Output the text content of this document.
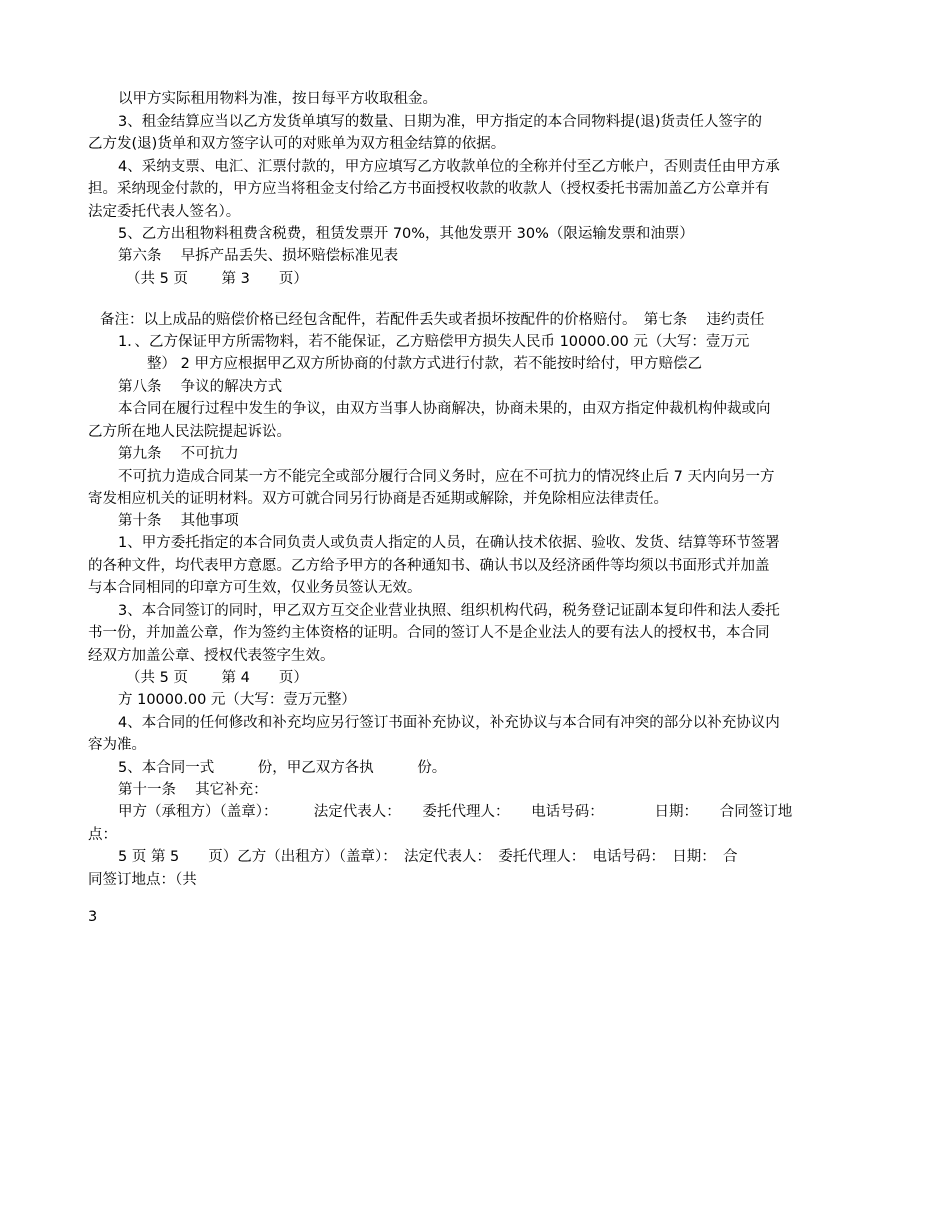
以甲方实际租用物料为准，按日每平方收取租金。
3、租金结算应当以乙方发货单填写的数量、日期为准，甲方指定的本合同物料提(退)货责任人签字的
乙方发(退)货单和双方签字认可的对账单为双方租金结算的依据。
4、采纳支票、电汇、汇票付款的，甲方应填写乙方收款单位的全称并付至乙方帐户，否则责任由甲方承
担。采纳现金付款的，甲方应当将租金支付给乙方书面授权收款的收款人（授权委托书需加盖乙方公章并有
法定委托代表人签名）。
5、乙方出租物料租费含税费，租赁发票开 70%，其他发票开 30%（限运输发票和油票）
第六条　 早拆产品丢失、损坏赔偿标准见表
（共 5 页　　 第 3　　页）
备注：以上成品的赔偿价格已经包含配件，若配件丢失或者损坏按配件的价格赔付。　第七条　 违约责任
1．、乙方保证甲方所需物料，若不能保证，乙方赔偿甲方损失人民币 10000.00 元（大写：壹万元
整） 2 甲方应根据甲乙双方所协商的付款方式进行付款，若不能按时给付，甲方赔偿乙
第八条　 争议的解决方式
本合同在履行过程中发生的争议，由双方当事人协商解决，协商未果的，由双方指定仲裁机构仲裁或向
乙方所在地人民法院提起诉讼。
第九条　 不可抗力
不可抗力造成合同某一方不能完全或部分履行合同义务时，应在不可抗力的情况终止后 7 天内向另一方
寄发相应机关的证明材料。双方可就合同另行协商是否延期或解除，并免除相应法律责任。
第十条　 其他事项
1、甲方委托指定的本合同负责人或负责人指定的人员，在确认技术依据、验收、发货、结算等环节签署
的各种文件，均代表甲方意愿。乙方给予甲方的各种通知书、确认书以及经济函件等均须以书面形式并加盖
与本合同相同的印章方可生效，仅业务员签认无效。
3、本合同签订的同时，甲乙双方互交企业营业执照、组织机构代码，税务登记证副本复印件和法人委托
书一份，并加盖公章，作为签约主体资格的证明。合同的签订人不是企业法人的要有法人的授权书，本合同
经双方加盖公章、授权代表签字生效。
（共 5 页　　 第 4　　页）
方 10000.00 元（大写：壹万元整）
4、本合同的任何修改和补充均应另行签订书面补充协议，补充协议与本合同有冲突的部分以补充协议内
容为准。
5、本合同一式　　　份，甲乙双方各执　　　份。
第十一条　 其它补充：
甲方（承租方）（盖章）：　　　法定代表人：　　委托代理人：　　电话号码：　　　　日期：　　合同签订地
点：
5 页 第 5　　页）乙方（出租方）（盖章）：　法定代表人：　委托代理人：　电话号码：　日期：　合
同签订地点：（共
3
